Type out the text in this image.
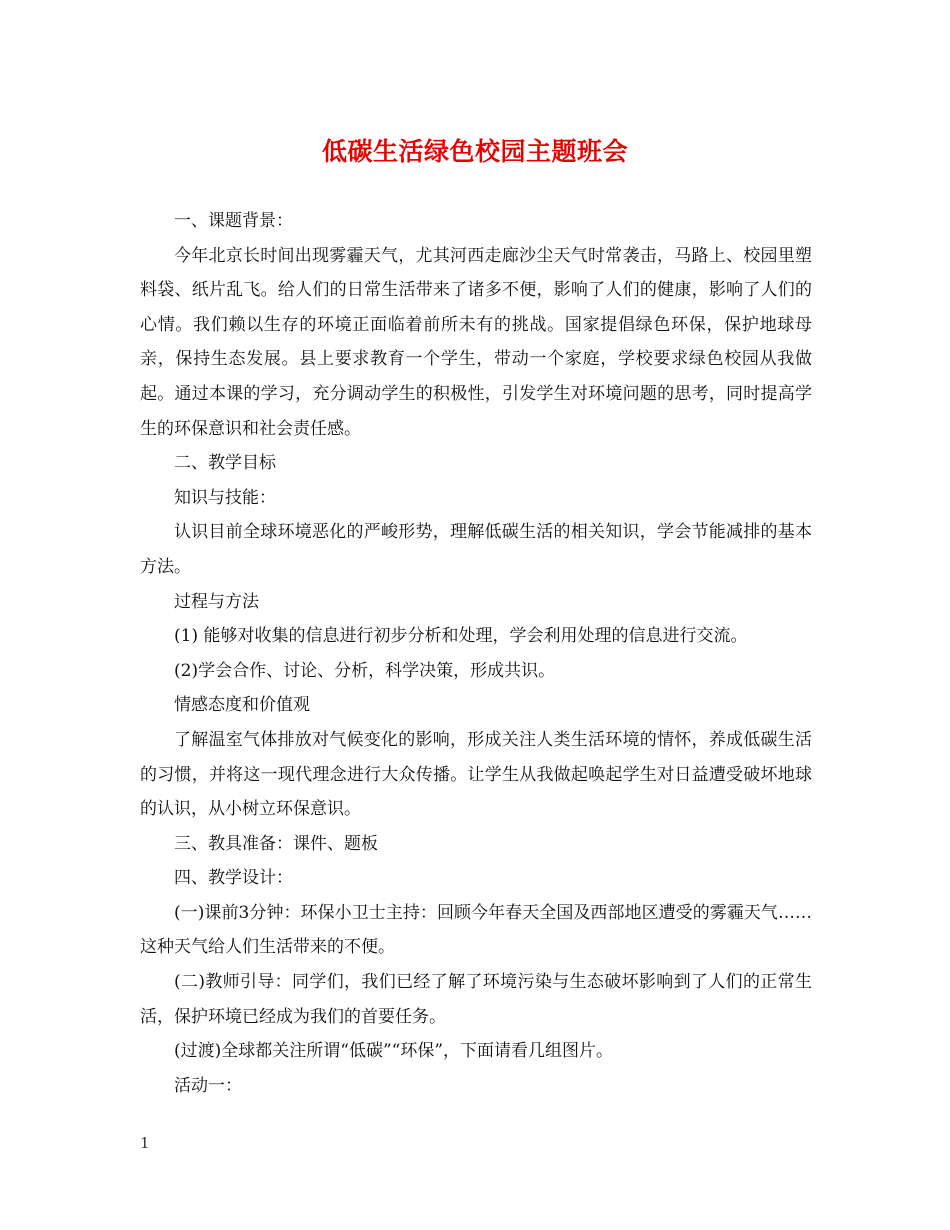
低碳生活绿色校园主题班会

一、课题背景：

今年北京长时间出现雾霾天气，尤其河西走廊沙尘天气时常袭击，马路上、校园里塑料袋、纸片乱飞。给人们的日常生活带来了诸多不便，影响了人们的健康，影响了人们的心情。我们赖以生存的环境正面临着前所未有的挑战。国家提倡绿色环保，保护地球母亲，保持生态发展。县上要求教育一个学生，带动一个家庭，学校要求绿色校园从我做起。通过本课的学习，充分调动学生的积极性，引发学生对环境问题的思考，同时提高学生的环保意识和社会责任感。

二、教学目标

知识与技能：

认识目前全球环境恶化的严峻形势，理解低碳生活的相关知识，学会节能减排的基本方法。

过程与方法

(1) 能够对收集的信息进行初步分析和处理，学会利用处理的信息进行交流。

(2)学会合作、讨论、分析，科学决策，形成共识。

情感态度和价值观

了解温室气体排放对气候变化的影响，形成关注人类生活环境的情怀，养成低碳生活的习惯，并将这一现代理念进行大众传播。让学生从我做起唤起学生对日益遭受破坏地球的认识，从小树立环保意识。

三、教具准备：课件、题板

四、教学设计：

(一)课前3分钟：环保小卫士主持：回顾今年春天全国及西部地区遭受的雾霾天气……这种天气给人们生活带来的不便。

(二)教师引导：同学们，我们已经了解了环境污染与生态破坏影响到了人们的正常生活，保护环境已经成为我们的首要任务。

(过渡)全球都关注所谓“低碳”“环保”，下面请看几组图片。

活动一：

1
